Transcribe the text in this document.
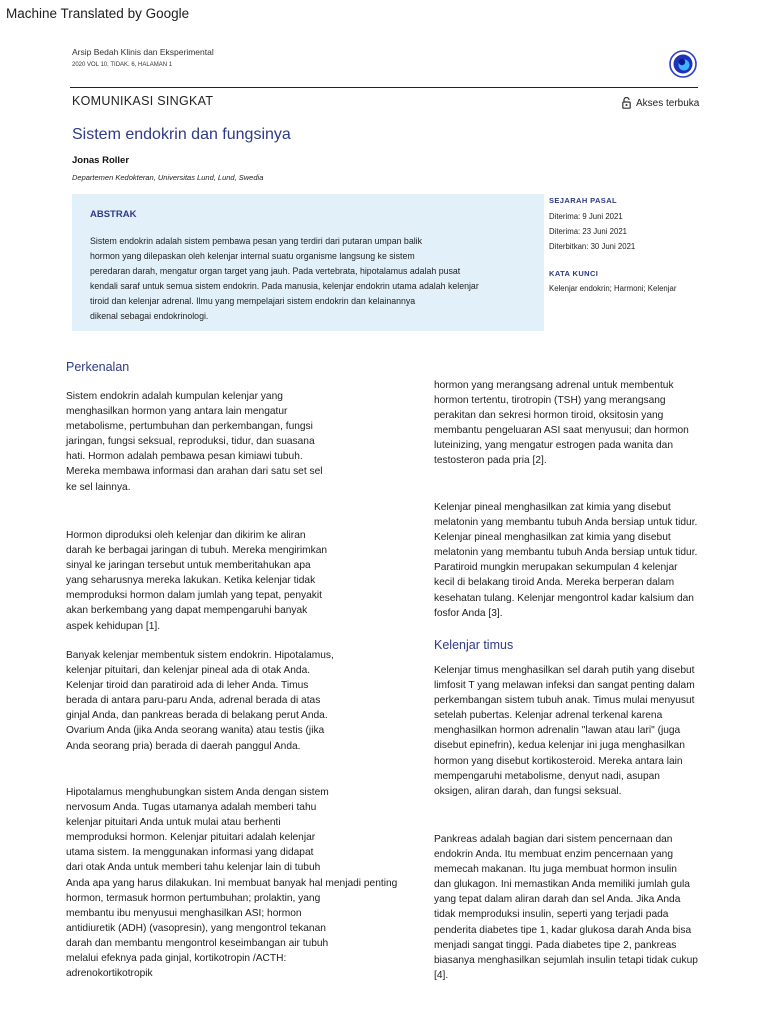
Machine Translated by Google
Arsip Bedah Klinis dan Eksperimental
2020 VOL 10, TIDAK. 6, HALAMAN 1
KOMUNIKASI SINGKAT	Akses terbuka
Sistem endokrin dan fungsinya
Jonas Roller
Departemen Kedokteran, Universitas Lund, Lund, Swedia
ABSTRAK
Sistem endokrin adalah sistem pembawa pesan yang terdiri dari putaran umpan balik
hormon yang dilepaskan oleh kelenjar internal suatu organisme langsung ke sistem
peredaran darah, mengatur organ target yang jauh. Pada vertebrata, hipotalamus adalah pusat
kendali saraf untuk semua sistem endokrin. Pada manusia, kelenjar endokrin utama adalah kelenjar
tiroid dan kelenjar adrenal. Ilmu yang mempelajari sistem endokrin dan kelainannya
dikenal sebagai endokrinologi.
SEJARAH PASAL
Diterima: 9 Juni 2021
Diterima: 23 Juni 2021
Diterbitkan: 30 Juni 2021
KATA KUNCI
Kelenjar endokrin; Harmoni; Kelenjar
Perkenalan
Sistem endokrin adalah kumpulan kelenjar yang
menghasilkan hormon yang antara lain mengatur
metabolisme, pertumbuhan dan perkembangan, fungsi
jaringan, fungsi seksual, reproduksi, tidur, dan suasana
hati. Hormon adalah pembawa pesan kimiawi tubuh.
Mereka membawa informasi dan arahan dari satu set sel
ke sel lainnya.
Hormon diproduksi oleh kelenjar dan dikirim ke aliran
darah ke berbagai jaringan di tubuh. Mereka mengirimkan
sinyal ke jaringan tersebut untuk memberitahukan apa
yang seharusnya mereka lakukan. Ketika kelenjar tidak
memproduksi hormon dalam jumlah yang tepat, penyakit
akan berkembang yang dapat mempengaruhi banyak
aspek kehidupan [1].
Banyak kelenjar membentuk sistem endokrin. Hipotalamus,
kelenjar pituitari, dan kelenjar pineal ada di otak Anda.
Kelenjar tiroid dan paratiroid ada di leher Anda. Timus
berada di antara paru-paru Anda, adrenal berada di atas
ginjal Anda, dan pankreas berada di belakang perut Anda.
Ovarium Anda (jika Anda seorang wanita) atau testis (jika
Anda seorang pria) berada di daerah panggul Anda.
Hipotalamus menghubungkan sistem Anda dengan sistem
nervosum Anda. Tugas utamanya adalah memberi tahu
kelenjar pituitari Anda untuk mulai atau berhenti
memproduksi hormon. Kelenjar pituitari adalah kelenjar
utama sistem. Ia menggunakan informasi yang didapat
dari otak Anda untuk memberi tahu kelenjar lain di tubuh
Anda apa yang harus dilakukan. Ini membuat banyak hal menjadi penting
hormon, termasuk hormon pertumbuhan; prolaktin, yang
membantu ibu menyusui menghasilkan ASI; hormon
antidiuretik (ADH) (vasopresin), yang mengontrol tekanan
darah dan membantu mengontrol keseimbangan air tubuh
melalui efeknya pada ginjal, kortikotropin /ACTH:
adrenokortikotropik
hormon yang merangsang adrenal untuk membentuk
hormon tertentu, tirotropin (TSH) yang merangsang
perakitan dan sekresi hormon tiroid, oksitosin yang
membantu pengeluaran ASI saat menyusui; dan hormon
luteinizing, yang mengatur estrogen pada wanita dan
testosteron pada pria [2].
Kelenjar pineal menghasilkan zat kimia yang disebut
melatonin yang membantu tubuh Anda bersiap untuk tidur.
Kelenjar pineal menghasilkan zat kimia yang disebut
melatonin yang membantu tubuh Anda bersiap untuk tidur.
Paratiroid mungkin merupakan sekumpulan 4 kelenjar
kecil di belakang tiroid Anda. Mereka berperan dalam
kesehatan tulang. Kelenjar mengontrol kadar kalsium dan
fosfor Anda [3].
Kelenjar timus
Kelenjar timus menghasilkan sel darah putih yang disebut
limfosit T yang melawan infeksi dan sangat penting dalam
perkembangan sistem tubuh anak. Timus mulai menyusut
setelah pubertas. Kelenjar adrenal terkenal karena
menghasilkan hormon adrenalin "lawan atau lari" (juga
disebut epinefrin), kedua kelenjar ini juga menghasilkan
hormon yang disebut kortikosteroid. Mereka antara lain
mempengaruhi metabolisme, denyut nadi, asupan
oksigen, aliran darah, dan fungsi seksual.
Pankreas adalah bagian dari sistem pencernaan dan
endokrin Anda. Itu membuat enzim pencernaan yang
memecah makanan. Itu juga membuat hormon insulin
dan glukagon. Ini memastikan Anda memiliki jumlah gula
yang tepat dalam aliran darah dan sel Anda. Jika Anda
tidak memproduksi insulin, seperti yang terjadi pada
penderita diabetes tipe 1, kadar glukosa darah Anda bisa
menjadi sangat tinggi. Pada diabetes tipe 2, pankreas
biasanya menghasilkan sejumlah insulin tetapi tidak cukup
[4].
